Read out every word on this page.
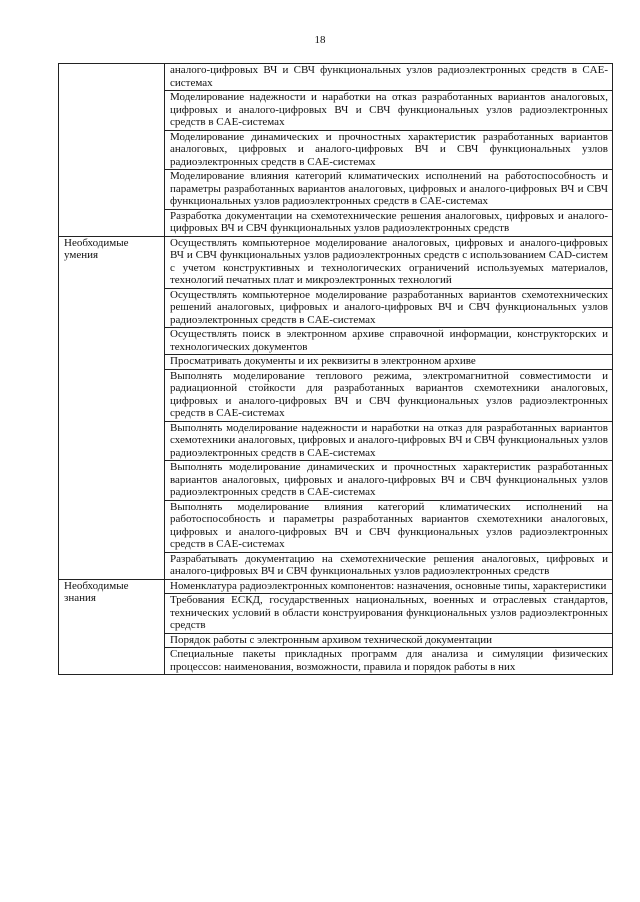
18
	аналого-цифровых ВЧ и СВЧ функциональных узлов радиоэлектронных средств в CAE-системах
	Моделирование надежности и наработки на отказ разработанных вариантов аналоговых, цифровых и аналого-цифровых ВЧ и СВЧ функциональных узлов радиоэлектронных средств в CAE-системах
	Моделирование динамических и прочностных характеристик разработанных вариантов аналоговых, цифровых и аналого-цифровых ВЧ и СВЧ функциональных узлов радиоэлектронных средств в CAE-системах
	Моделирование влияния категорий климатических исполнений на работоспособность и параметры разработанных вариантов аналоговых, цифровых и аналого-цифровых ВЧ и СВЧ функциональных узлов радиоэлектронных средств в CAE-системах
	Разработка документации на схемотехнические решения аналоговых, цифровых и аналого-цифровых ВЧ и СВЧ функциональных узлов радиоэлектронных средств
Необходимые умения	Осуществлять компьютерное моделирование аналоговых, цифровых и аналого-цифровых ВЧ и СВЧ функциональных узлов радиоэлектронных средств с использованием CAD-систем с учетом конструктивных и технологических ограничений используемых материалов, технологий печатных плат и микроэлектронных технологий
	Осуществлять компьютерное моделирование разработанных вариантов схемотехнических решений аналоговых, цифровых и аналого-цифровых ВЧ и СВЧ функциональных узлов радиоэлектронных средств в CAE-системах
	Осуществлять поиск в электронном архиве справочной информации, конструкторских и технологических документов
	Просматривать документы и их реквизиты в электронном архиве
	Выполнять моделирование теплового режима, электромагнитной совместимости и радиационной стойкости для разработанных вариантов схемотехники аналоговых, цифровых и аналого-цифровых ВЧ и СВЧ функциональных узлов радиоэлектронных средств в CAE-системах
	Выполнять моделирование надежности и наработки на отказ для разработанных вариантов схемотехники аналоговых, цифровых и аналого-цифровых ВЧ и СВЧ функциональных узлов радиоэлектронных средств в CAE-системах
	Выполнять моделирование динамических и прочностных характеристик разработанных вариантов аналоговых, цифровых и аналого-цифровых ВЧ и СВЧ функциональных узлов радиоэлектронных средств в CAE-системах
	Выполнять моделирование влияния категорий климатических исполнений на работоспособность и параметры разработанных вариантов схемотехники аналоговых, цифровых и аналого-цифровых ВЧ и СВЧ функциональных узлов радиоэлектронных средств в CAE-системах
	Разрабатывать документацию на схемотехнические решения аналоговых, цифровых и аналого-цифровых ВЧ и СВЧ функциональных узлов радиоэлектронных средств
Необходимые знания	Номенклатура радиоэлектронных компонентов: назначения, основные типы, характеристики
	Требования ЕСКД, государственных национальных, военных и отраслевых стандартов, технических условий в области конструирования функциональных узлов радиоэлектронных средств
	Порядок работы с электронным архивом технической документации
	Специальные пакеты прикладных программ для анализа и симуляции физических процессов: наименования, возможности, правила и порядок работы в них
